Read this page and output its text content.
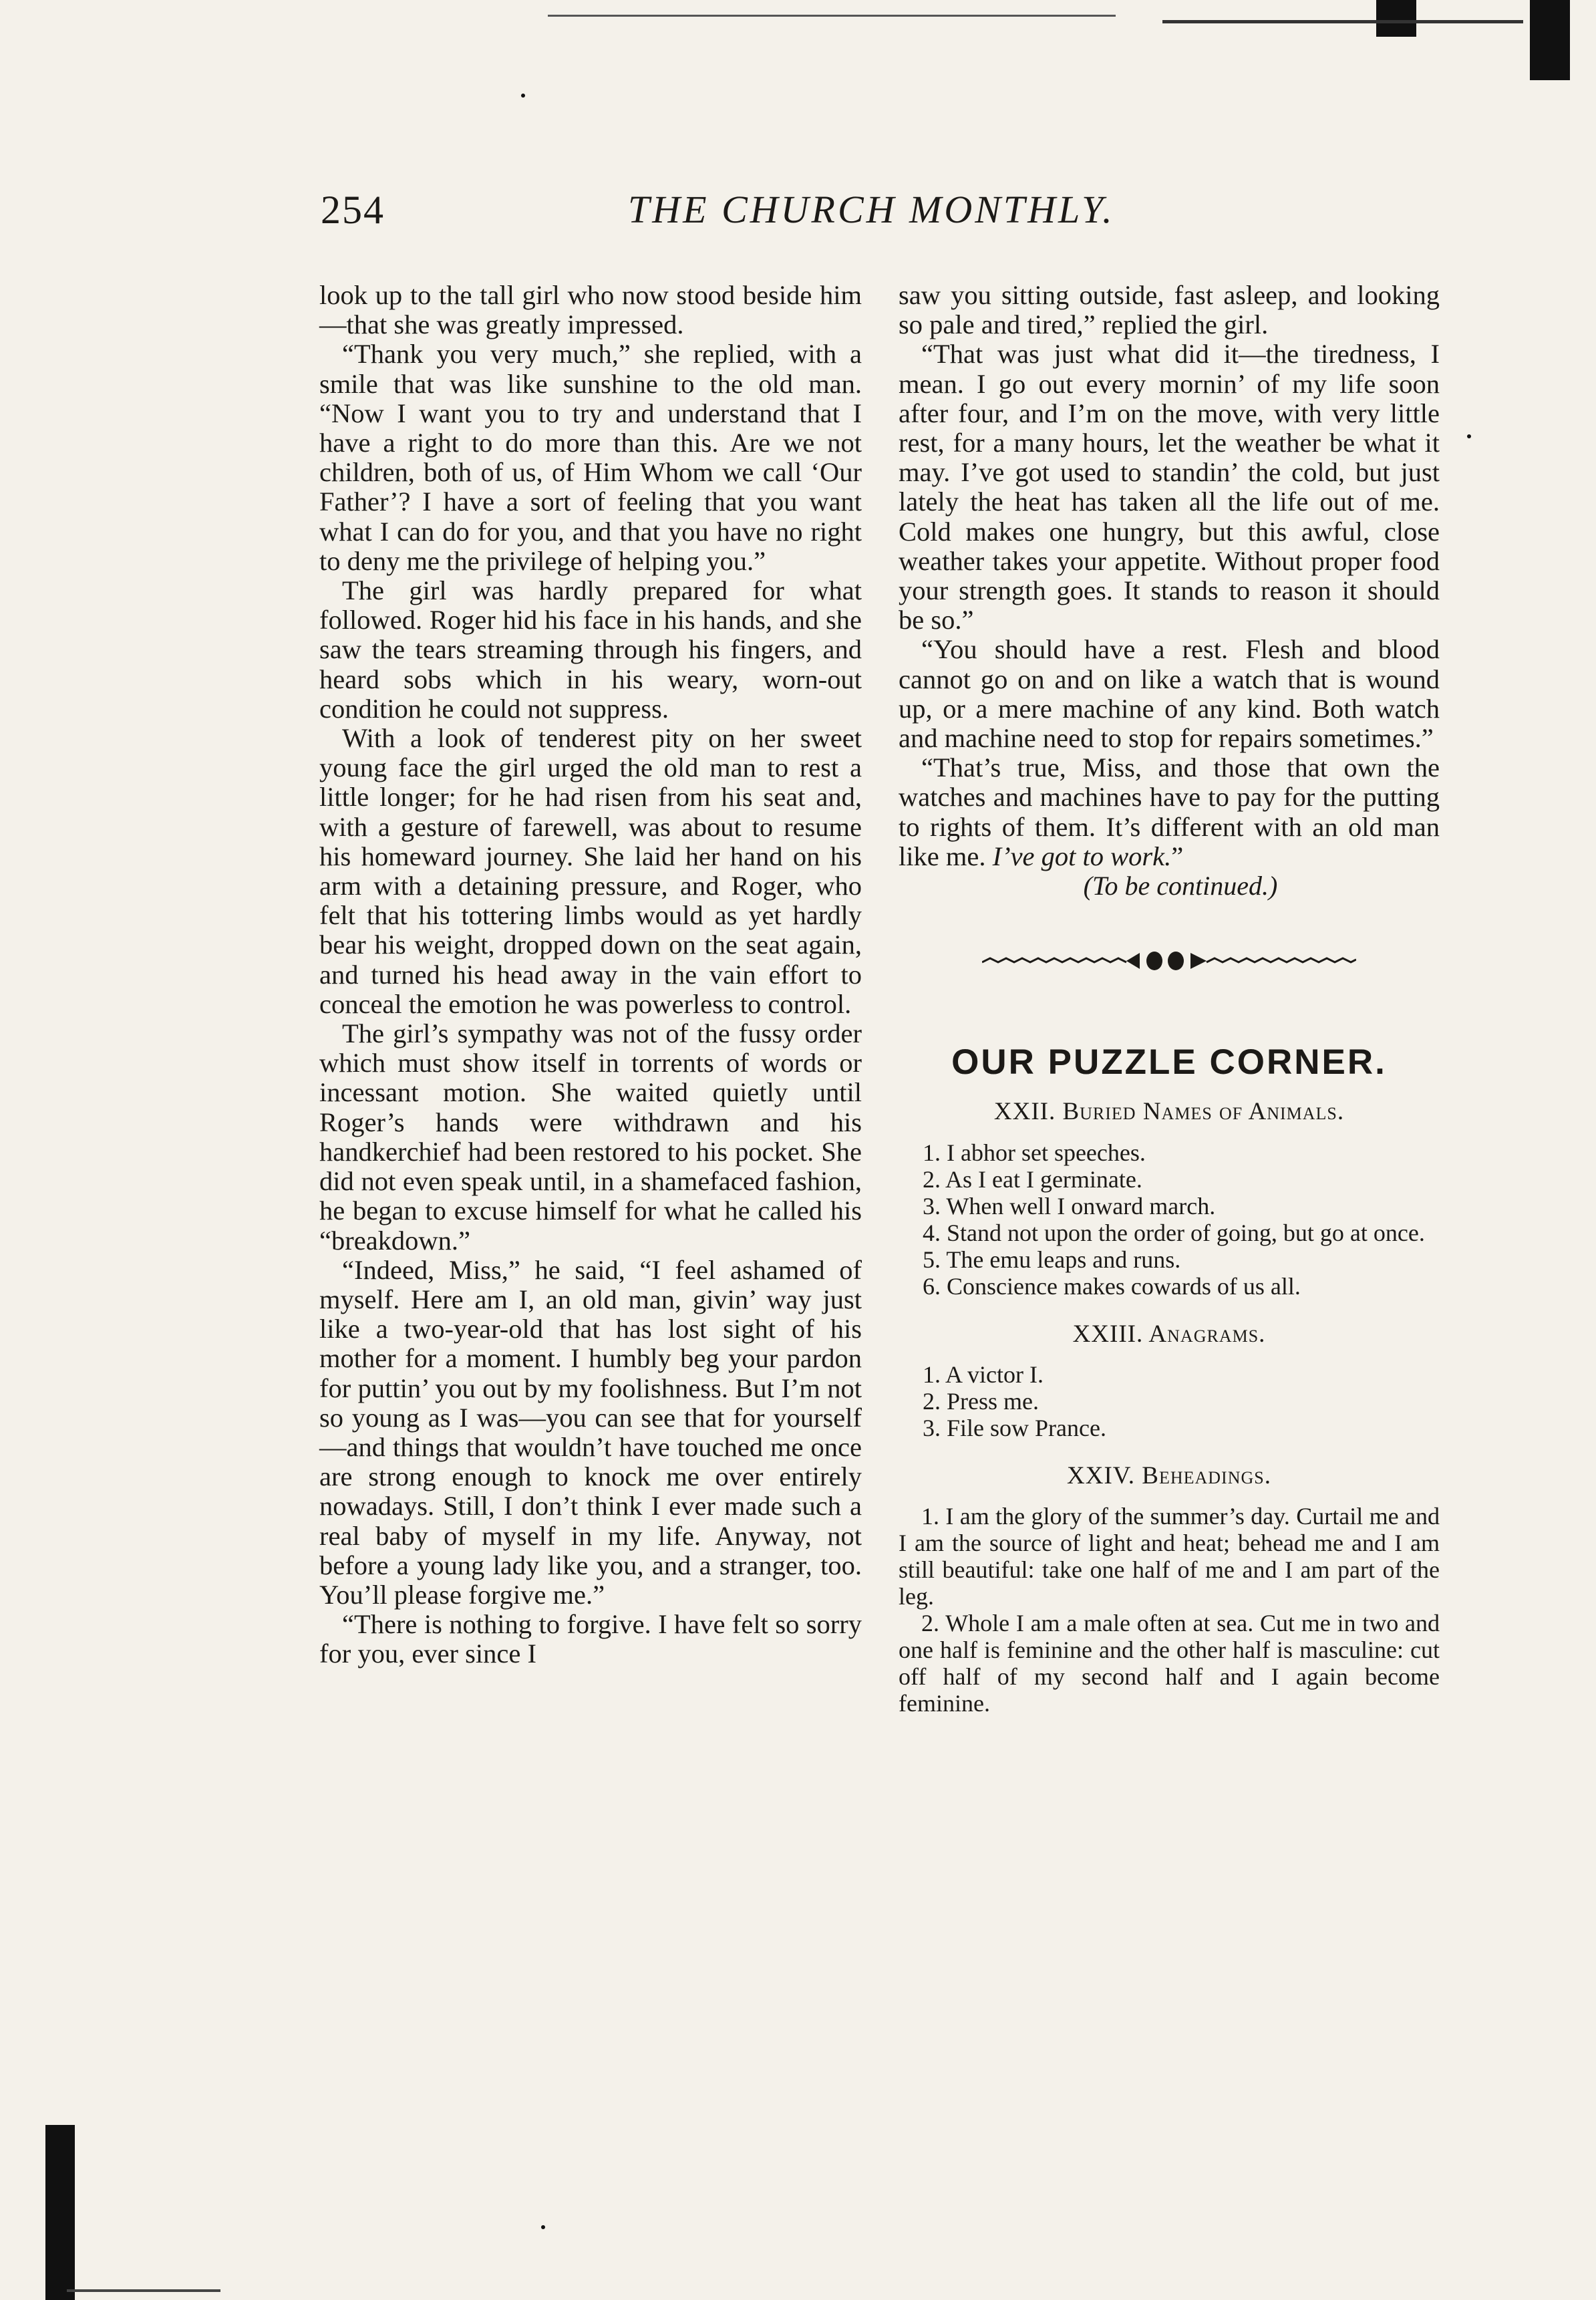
254	THE CHURCH MONTHLY.

look up to the tall girl who now stood beside him—that she was greatly impressed.

“Thank you very much,” she replied, with a smile that was like sunshine to the old man. “Now I want you to try and understand that I have a right to do more than this. Are we not children, both of us, of Him Whom we call ‘Our Father’? I have a sort of feeling that you want what I can do for you, and that you have no right to deny me the privilege of helping you.”

The girl was hardly prepared for what followed. Roger hid his face in his hands, and she saw the tears streaming through his fingers, and heard sobs which in his weary, worn-out condition he could not suppress.

With a look of tenderest pity on her sweet young face the girl urged the old man to rest a little longer; for he had risen from his seat and, with a gesture of farewell, was about to resume his homeward journey. She laid her hand on his arm with a detaining pressure, and Roger, who felt that his tottering limbs would as yet hardly bear his weight, dropped down on the seat again, and turned his head away in the vain effort to conceal the emotion he was powerless to control.

The girl’s sympathy was not of the fussy order which must show itself in torrents of words or incessant motion. She waited quietly until Roger’s hands were withdrawn and his handkerchief had been restored to his pocket. She did not even speak until, in a shamefaced fashion, he began to excuse himself for what he called his “breakdown.”

“Indeed, Miss,” he said, “I feel ashamed of myself. Here am I, an old man, givin’ way just like a two-year-old that has lost sight of his mother for a moment. I humbly beg your pardon for puttin’ you out by my foolishness. But I’m not so young as I was—you can see that for yourself—and things that wouldn’t have touched me once are strong enough to knock me over entirely nowadays. Still, I don’t think I ever made such a real baby of myself in my life. Anyway, not before a young lady like you, and a stranger, too. You’ll please forgive me.”

“There is nothing to forgive. I have felt so sorry for you, ever since I

saw you sitting outside, fast asleep, and looking so pale and tired,” replied the girl.

“That was just what did it—the tiredness, I mean. I go out every mornin’ of my life soon after four, and I’m on the move, with very little rest, for a many hours, let the weather be what it may. I’ve got used to standin’ the cold, but just lately the heat has taken all the life out of me. Cold makes one hungry, but this awful, close weather takes your appetite. Without proper food your strength goes. It stands to reason it should be so.”

“You should have a rest. Flesh and blood cannot go on and on like a watch that is wound up, or a mere machine of any kind. Both watch and machine need to stop for repairs sometimes.”

“That’s true, Miss, and those that own the watches and machines have to pay for the putting to rights of them. It’s different with an old man like me. I’ve got to work.”

(To be continued.)

OUR PUZZLE CORNER.
XXII. Buried Names of Animals.
1. I abhor set speeches.
2. As I eat I germinate.
3. When well I onward march.
4. Stand not upon the order of going, but go at once.
5. The emu leaps and runs.
6. Conscience makes cowards of us all.
XXIII. Anagrams.
1. A victor I.
2. Press me.
3. File sow Prance.
XXIV. Beheadings.

1. I am the glory of the summer’s day. Curtail me and I am the source of light and heat; behead me and I am still beautiful: take one half of me and I am part of the leg.

2. Whole I am a male often at sea. Cut me in two and one half is feminine and the other half is masculine: cut off half of my second half and I again become feminine.
